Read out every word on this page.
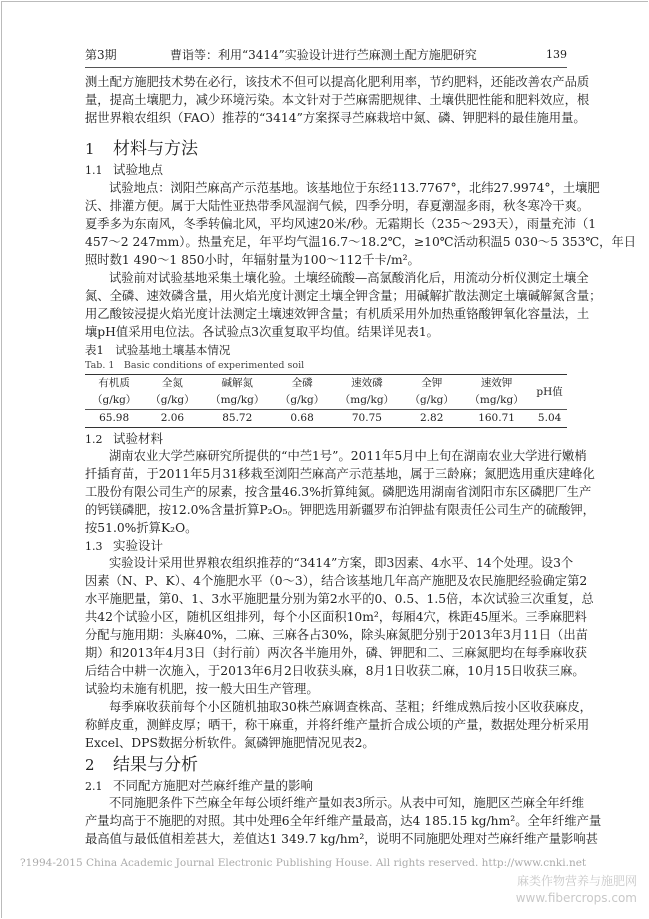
第3期	曹诣等：利用“3414”实验设计进行苎麻测土配方施肥研究	139
测土配方施肥技术势在必行，该技术不但可以提高化肥利用率，节约肥料，还能改善农产品质
量，提高土壤肥力，减少环境污染。本文针对于苎麻需肥规律、土壤供肥性能和肥料效应，根
据世界粮农组织（FAO）推荐的“3414”方案探寻苎麻栽培中氮、磷、钾肥料的最佳施用量。
1 材料与方法
1.1 试验地点
试验地点：浏阳苎麻高产示范基地。该基地位于东经113.7767°，北纬27.9974°，土壤肥
沃、排灌方便。属于大陆性亚热带季风湿润气候，四季分明，春夏潮湿多雨，秋冬寒冷干爽。
夏季多为东南风，冬季转偏北风，平均风速20米/秒。无霜期长（235～293天），雨量充沛（1
457～2 247mm）。热量充足，年平均气温16.7～18.2℃，≥10℃活动积温5 030～5 353℃，年日
照时数1 490～1 850小时，年辐射量为100～112千卡/m²。
试验前对试验基地采集土壤化验。土壤经硫酸—高氯酸消化后，用流动分析仪测定土壤全
氮、全磷、速效磷含量，用火焰光度计测定土壤全钾含量；用碱解扩散法测定土壤碱解氮含量；
用乙酸铵浸提火焰光度计法测定土壤速效钾含量；有机质采用外加热重铬酸钾氧化容量法，土
壤pH值采用电位法。各试验点3次重复取平均值。结果详见表1。
表1　试验基地土壤基本情况
Tab. 1　Basic conditions of experimented soil
有机质	全氮	碱解氮	全磷	速效磷	全钾	速效钾	pH值
（g/kg）	（g/kg）	（mg/kg）	（g/kg）	（mg/kg）	（g/kg）	（mg/kg）	
65.98	2.06	85.72	0.68	70.75	2.82	160.71	5.04
1.2 试验材料
湖南农业大学苎麻研究所提供的“中苎1号”。2011年5月中上旬在湖南农业大学进行嫩梢
扦插育苗，于2011年5月31移栽至浏阳苎麻高产示范基地，属于三龄麻；氮肥选用重庆建峰化
工股份有限公司生产的尿素，按含量46.3%折算纯氮。磷肥选用湖南省浏阳市东区磷肥厂生产
的钙镁磷肥，按12.0%含量折算P₂O₅。钾肥选用新疆罗布泊钾盐有限责任公司生产的硫酸钾，
按51.0%折算K₂O。
1.3 实验设计
实验设计采用世界粮农组织推荐的“3414”方案，即3因素、4水平、14个处理。设3个
因素（N、P、K）、4个施肥水平（0～3），结合该基地几年高产施肥及农民施肥经验确定第2
水平施肥量，第0、1、3水平施肥量分别为第2水平的0、0.5、1.5倍，本次试验三次重复，总
共42个试验小区，随机区组排列，每个小区面积10m²，每厢4穴，株距45厘米。三季麻肥料
分配与施用期：头麻40%，二麻、三麻各占30%，除头麻氮肥分别于2013年3月11日（出苗
期）和2013年4月3日（封行前）两次各半施用外，磷、钾肥和二、三麻氮肥均在每季麻收获
后结合中耕一次施入，于2013年6月2日收获头麻，8月1日收获二麻，10月15日收获三麻。
试验均未施有机肥，按一般大田生产管理。
每季麻收获前每个小区随机抽取30株苎麻调查株高、茎粗；纤维成熟后按小区收获麻皮，
称鲜皮重，测鲜皮厚；晒干，称干麻重，并将纤维产量折合成公顷的产量，数据处理分析采用
Excel、DPS数据分析软件。氮磷钾施肥情况见表2。
2 结果与分析
2.1 不同配方施肥对苎麻纤维产量的影响
不同施肥条件下苎麻全年每公顷纤维产量如表3所示。从表中可知，施肥区苎麻全年纤维
产量均高于不施肥的对照。其中处理6全年纤维产量最高，达4 185.15 kg/hm²。全年纤维产量
最高值与最低值相差甚大，差值达1 349.7 kg/hm²，说明不同施肥处理对苎麻纤维产量影响甚
?1994-2015 China Academic Journal Electronic Publishing House. All rights reserved. http://www.cnki.net
麻类作物营养与施肥网
www.fibercrops.com
